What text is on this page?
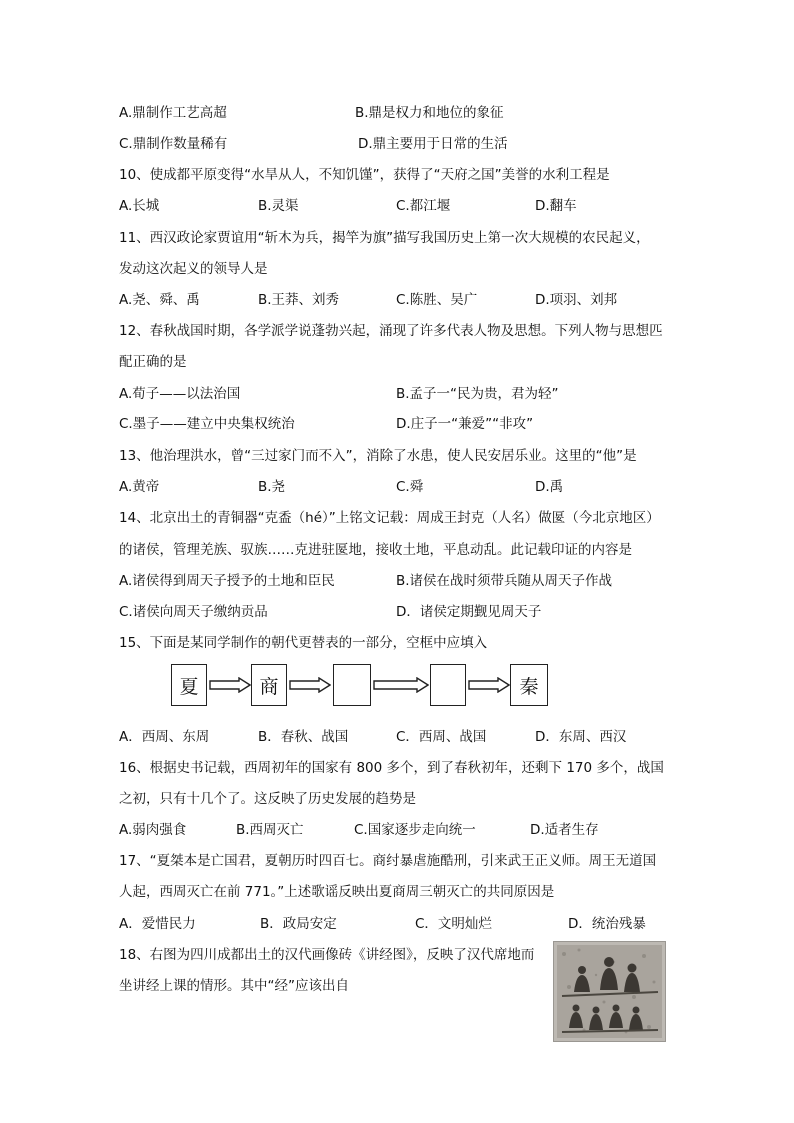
A.鼎制作工艺高超	B.鼎是权力和地位的象征
C.鼎制作数量稀有	D.鼎主要用于日常的生活
10、使成都平原变得“水旱从人，不知饥馑”，获得了“天府之国”美誉的水利工程是
A.长城	B.灵渠	C.都江堰	D.翻车
11、西汉政论家贾谊用“斩木为兵，揭竿为旗”描写我国历史上第一次大规模的农民起义，
发动这次起义的领导人是
A.尧、舜、禹	B.王莽、刘秀	C.陈胜、吴广	D.项羽、刘邦
12、春秋战国时期，各学派学说蓬勃兴起，涌现了许多代表人物及思想。下列人物与思想匹
配正确的是
A.荀子——以法治国	B.孟子一“民为贵，君为轻”
C.墨子——建立中央集权统治	D.庄子一“兼爱”“非攻”
13、他治理洪水，曾“三过家门而不入”，消除了水患，使人民安居乐业。这里的“他”是
A.黄帝	B.尧	C.舜	D.禹
14、北京出土的青铜器“克盉（hé）”上铭文记载：周成王封克（人名）做匽（今北京地区）
的诸侯，管理羌族、驭族……克进驻匽地，接收土地，平息动乱。此记载印证的内容是
A.诸侯得到周天子授予的土地和臣民	B.诸侯在战时须带兵随从周天子作战
C.诸侯向周天子缴纳贡品	D．诸侯定期觐见周天子
15、下面是某同学制作的朝代更替表的一部分，空框中应填入
夏	商	秦
A．西周、东周	B．春秋、战国	C．西周、战国	D．东周、西汉
16、根据史书记载，西周初年的国家有 800 多个，到了春秋初年，还剩下 170 多个，战国
之初，只有十几个了。这反映了历史发展的趋势是
A.弱肉强食	B.西周灭亡	C.国家逐步走向统一	D.适者生存
17、“夏桀本是亡国君，夏朝历时四百七。商纣暴虐施酷刑，引来武王正义师。周王无道国
人起，西周灭亡在前 771。”上述歌谣反映出夏商周三朝灭亡的共同原因是
A．爱惜民力	B．政局安定	C．文明灿烂	D．统治残暴
18、右图为四川成都出土的汉代画像砖《讲经图》，反映了汉代席地而
坐讲经上课的情形。其中“经”应该出自
